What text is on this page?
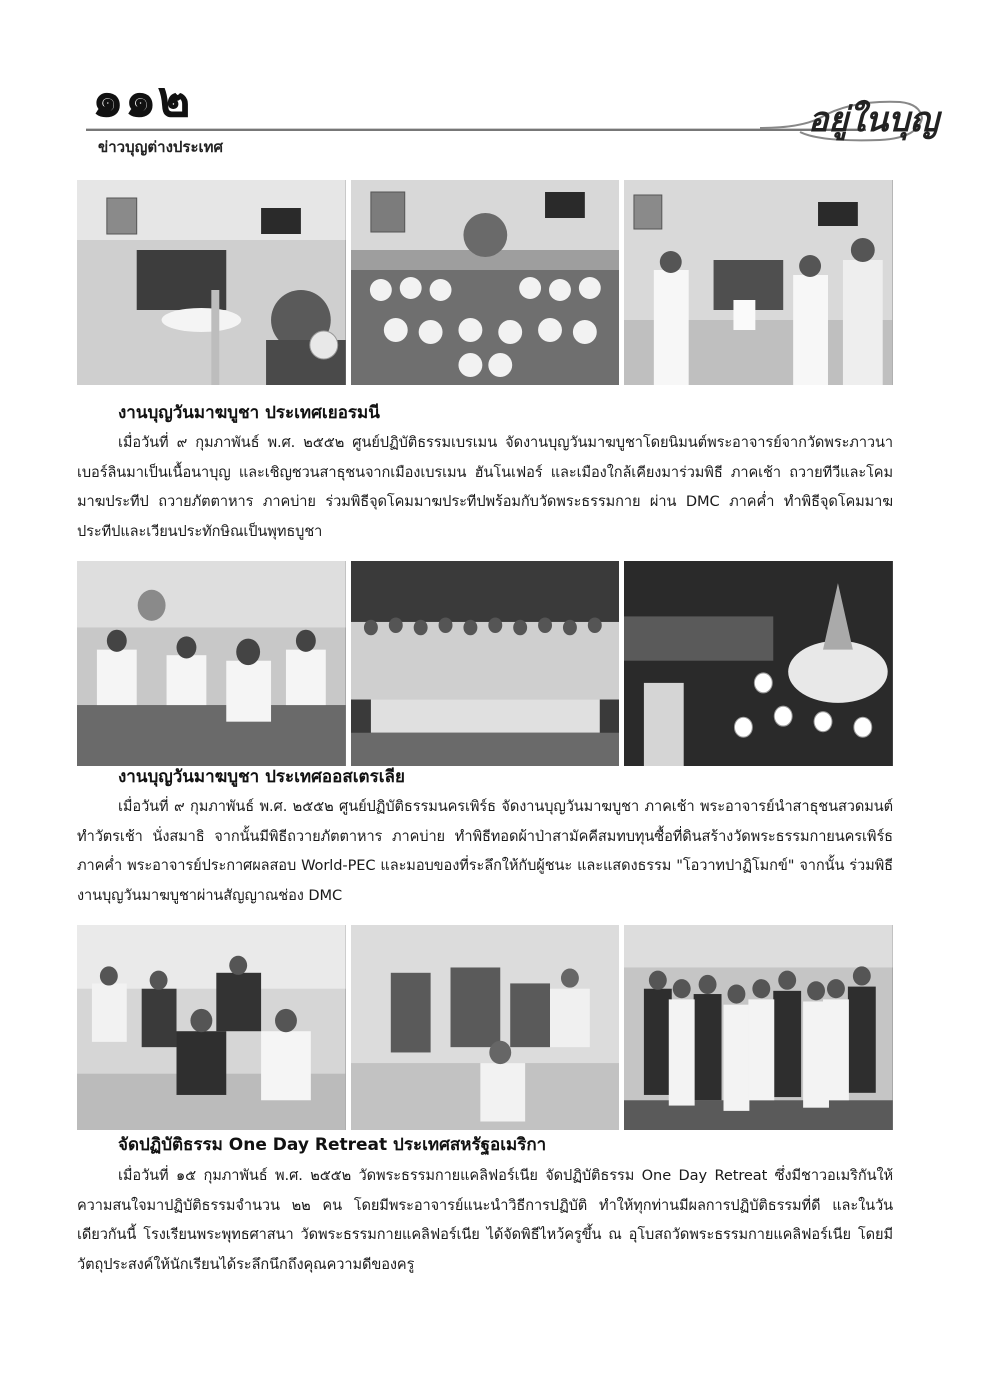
๑๑๒	อยู่ในบุญ
ข่าวบุญต่างประเทศ
งานบุญวันมาฆบูชา ประเทศเยอรมนี

เมื่อวันที่ ๙ กุมภาพันธ์ พ.ศ. ๒๕๕๒ ศูนย์ปฏิบัติธรรมเบรเมน จัดงานบุญวันมาฆบูชาโดยนิมนต์พระอาจารย์จากวัดพระภาวนาเบอร์ลินมาเป็นเนื้อนาบุญ และเชิญชวนสาธุชนจากเมืองเบรเมน ฮันโนเฟอร์ และเมืองใกล้เคียงมาร่วมพิธี ภาคเช้า ถวายทีวีและโคมมาฆประทีป ถวายภัตตาหาร ภาคบ่าย ร่วมพิธีจุดโคมมาฆประทีปพร้อมกับวัดพระธรรมกาย ผ่าน DMC ภาคค่ำ ทำพิธีจุดโคมมาฆประทีปและเวียนประทักษิณเป็นพุทธบูชา

งานบุญวันมาฆบูชา ประเทศออสเตรเลีย

เมื่อวันที่ ๙ กุมภาพันธ์ พ.ศ. ๒๕๕๒ ศูนย์ปฏิบัติธรรมนครเพิร์ธ จัดงานบุญวันมาฆบูชา ภาคเช้า พระอาจารย์นำสาธุชนสวดมนต์ทำวัตรเช้า นั่งสมาธิ จากนั้นมีพิธีถวายภัตตาหาร ภาคบ่าย ทำพิธีทอดผ้าป่าสามัคคีสมทบทุนซื้อที่ดินสร้างวัดพระธรรมกายนครเพิร์ธ ภาคค่ำ พระอาจารย์ประกาศผลสอบ World-PEC และมอบของที่ระลึกให้กับผู้ชนะ และแสดงธรรม "โอวาทปาฏิโมกข์" จากนั้น ร่วมพิธีงานบุญวันมาฆบูชาผ่านสัญญาณช่อง DMC

จัดปฏิบัติธรรม One Day Retreat ประเทศสหรัฐอเมริกา

เมื่อวันที่ ๑๕ กุมภาพันธ์ พ.ศ. ๒๕๕๒ วัดพระธรรมกายแคลิฟอร์เนีย จัดปฏิบัติธรรม One Day Retreat ซึ่งมีชาวอเมริกันให้ความสนใจมาปฏิบัติธรรมจำนวน ๒๒ คน โดยมีพระอาจารย์แนะนำวิธีการปฏิบัติ ทำให้ทุกท่านมีผลการปฏิบัติธรรมที่ดี และในวันเดียวกันนี้ โรงเรียนพระพุทธศาสนา วัดพระธรรมกายแคลิฟอร์เนีย ได้จัดพิธีไหว้ครูขึ้น ณ อุโบสถวัดพระธรรมกายแคลิฟอร์เนีย โดยมีวัตถุประสงค์ให้นักเรียนได้ระลึกนึกถึงคุณความดีของครู
